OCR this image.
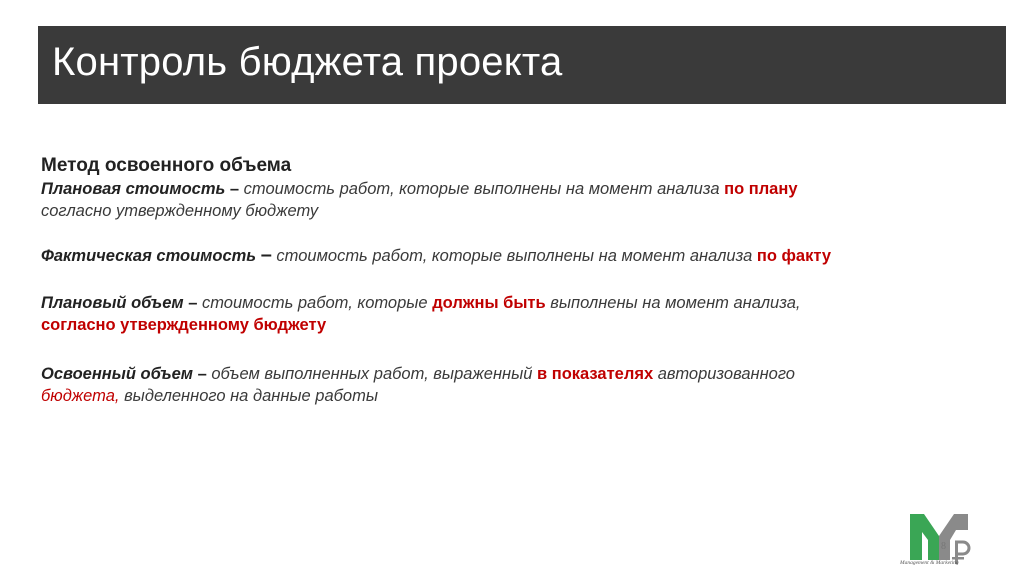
Контроль бюджета проекта

Метод освоенного объема

Плановая стоимость – стоимость работ, которые выполнены на момент анализа по плану
согласно утвержденному бюджету

Фактическая стоимость – стоимость работ, которые выполнены на момент анализа по факту

Плановый объем – стоимость работ, которые должны быть выполнены на момент анализа,
согласно утвержденному бюджету

Освоенный объем – объем выполненных работ, выраженный в показателях авторизованного
бюджета, выделенного на данные работы

8
Management & Marketing
